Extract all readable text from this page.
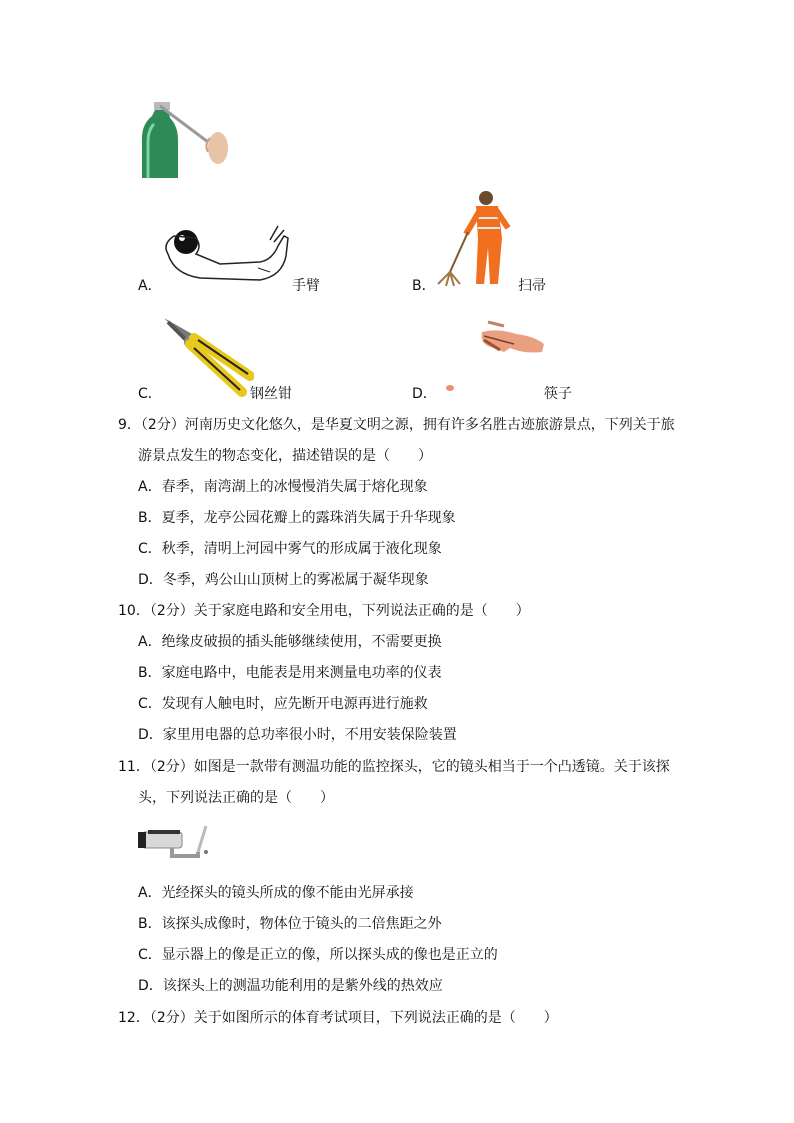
A．	手臂	B．	扫帚
C．	钢丝钳	D．	筷子
9．（2分）河南历史文化悠久，是华夏文明之源，拥有许多名胜古迹旅游景点，下列关于旅
游景点发生的物态变化，描述错误的是（　　）
A．春季，南湾湖上的冰慢慢消失属于熔化现象
B．夏季，龙亭公园花瓣上的露珠消失属于升华现象
C．秋季，清明上河园中雾气的形成属于液化现象
D．冬季，鸡公山山顶树上的雾凇属于凝华现象
10．（2分）关于家庭电路和安全用电，下列说法正确的是（　　）
A．绝缘皮破损的插头能够继续使用，不需要更换
B．家庭电路中，电能表是用来测量电功率的仪表
C．发现有人触电时，应先断开电源再进行施救
D．家里用电器的总功率很小时，不用安装保险装置
11．（2分）如图是一款带有测温功能的监控探头，它的镜头相当于一个凸透镜。关于该探
头，下列说法正确的是（　　）
A．光经探头的镜头所成的像不能由光屏承接
B．该探头成像时，物体位于镜头的二倍焦距之外
C．显示器上的像是正立的像，所以探头成的像也是正立的
D．该探头上的测温功能利用的是紫外线的热效应
12．（2分）关于如图所示的体育考试项目，下列说法正确的是（　　）
